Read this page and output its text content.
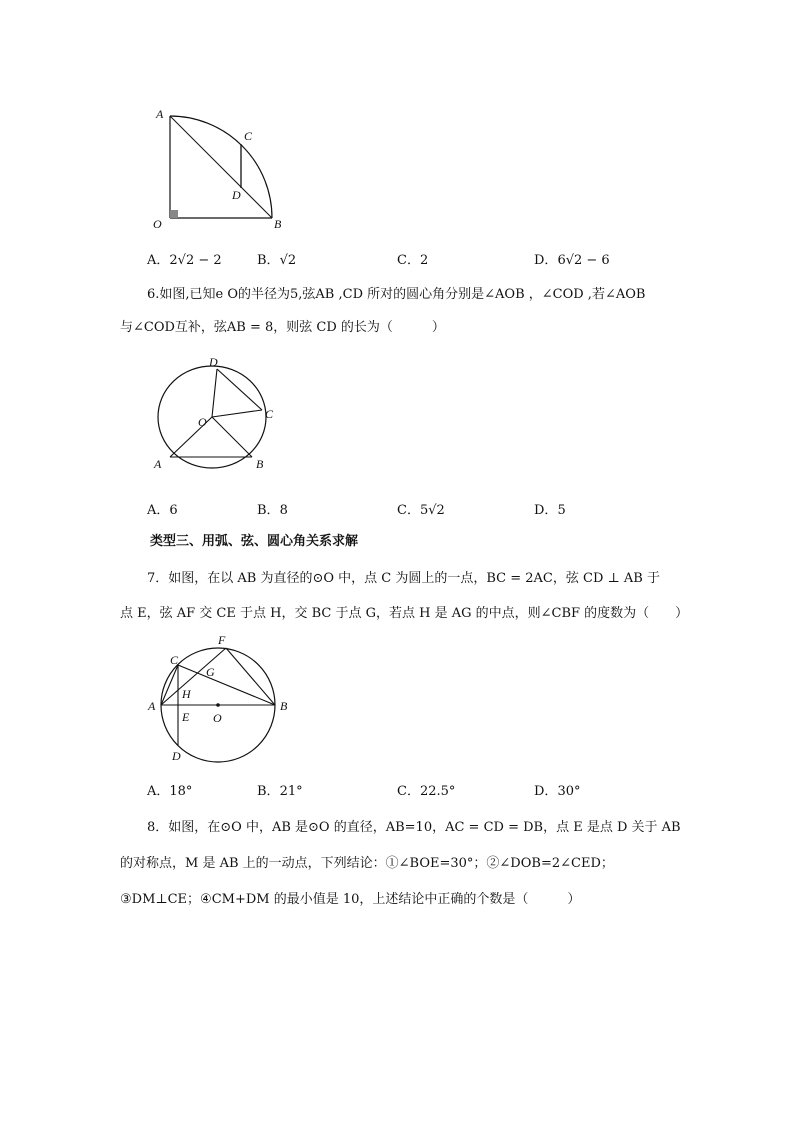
A
C
D
O	B
A．2√2 − 2	B．√2	C．2	D．6√2 − 6
6.如图,已知e O的半径为5,弦AB ,CD 所对的圆心角分别是∠AOB ，∠COD ,若∠AOB
与∠COD互补，弦AB = 8，则弦 CD 的长为（　　　）
D
C
O
A	B
A．6	B．8	C．5√2	D．5
类型三、用弧、弦、圆心角关系求解
7．如图，在以 AB 为直径的⊙O 中，点 C 为圆上的一点，BC = 2AC，弦 CD ⊥ AB 于
点 E，弦 AF 交 CE 于点 H，交 BC 于点 G，若点 H 是 AG 的中点，则∠CBF 的度数为（　　）
F
C
G
H
A	B
E O
D
A．18°	B．21°	C．22.5°	D．30°
8．如图，在⊙O 中，AB 是⊙O 的直径，AB=10，AC = CD = DB，点 E 是点 D 关于 AB
的对称点，M 是 AB 上的一动点，下列结论：①∠BOE=30°；②∠DOB=2∠CED；
③DM⊥CE；④CM+DM 的最小值是 10，上述结论中正确的个数是（　　　）
